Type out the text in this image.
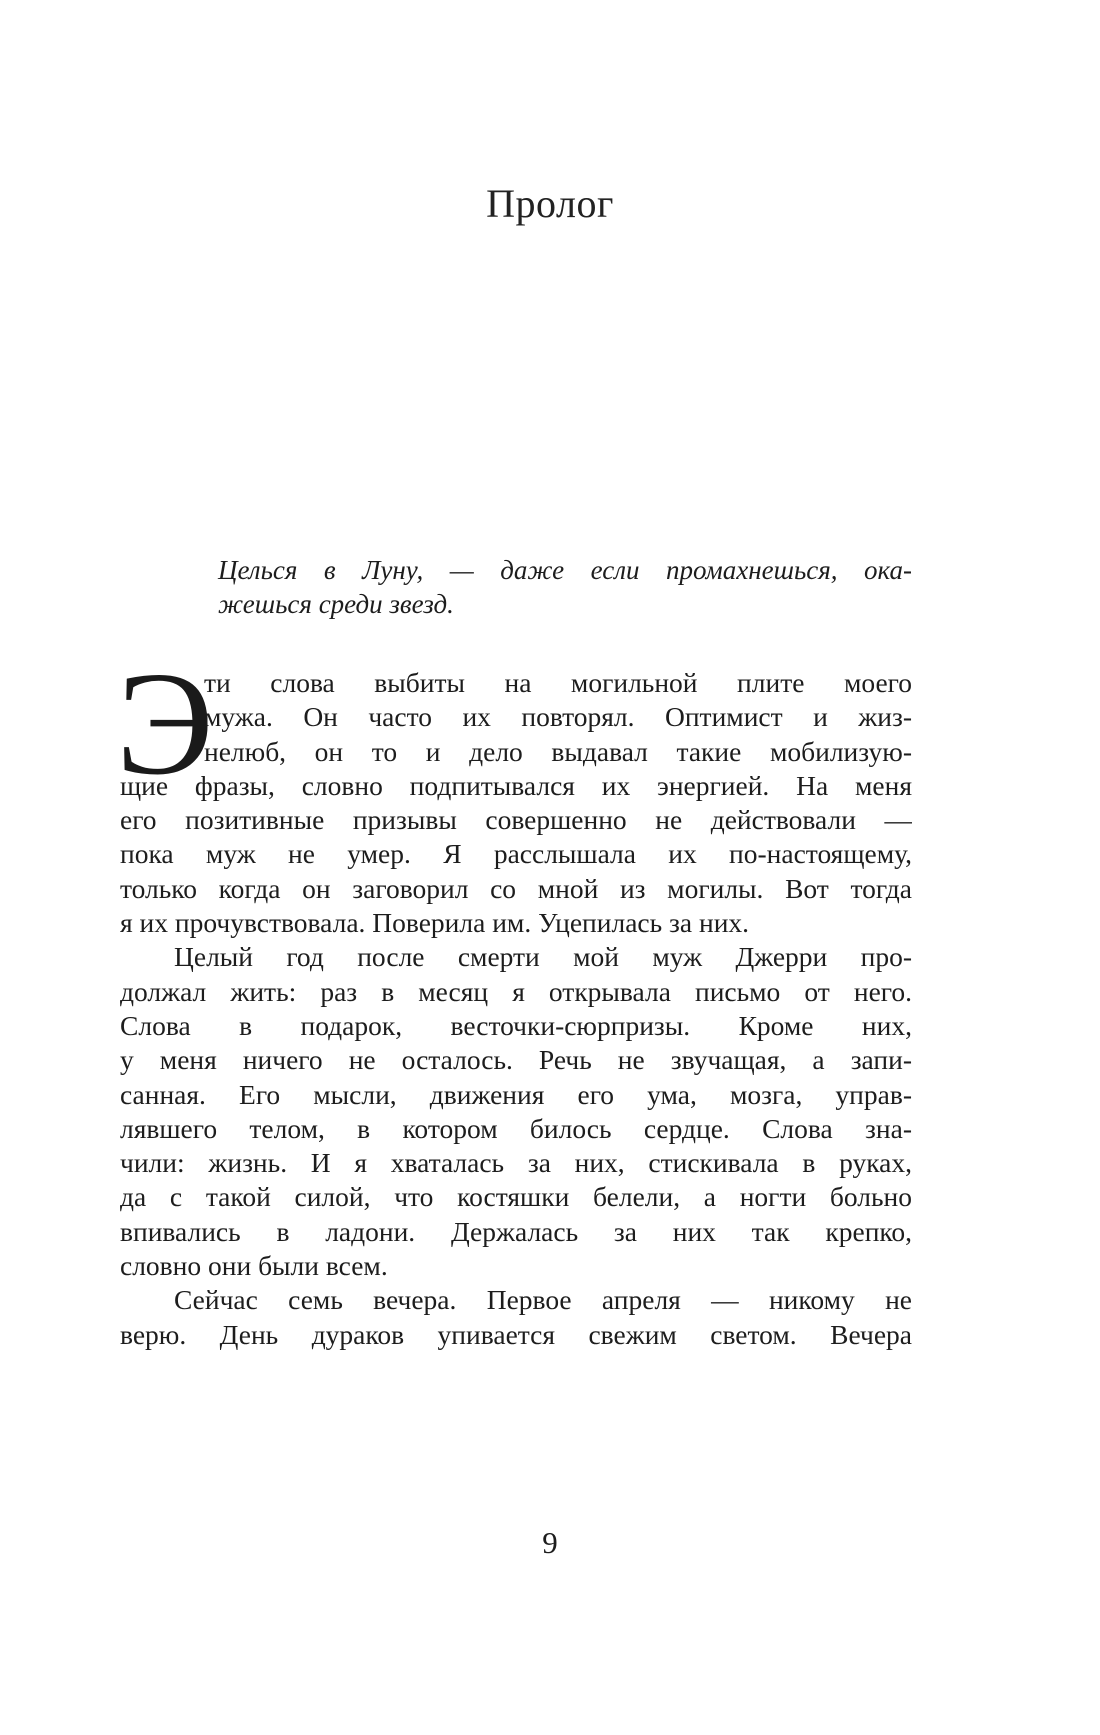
Пролог
Целься в Луну, — даже если промахнешься, ока-
жешься среди звезд.
Э
ти слова выбиты на могильной плите моего
мужа. Он часто их повторял. Оптимист и жиз-
нелюб, он то и дело выдавал такие мобилизую-
щие фразы, словно подпитывался их энергией. На меня
его позитивные призывы совершенно не действовали —
пока муж не умер. Я расслышала их по-настоящему,
только когда он заговорил со мной из могилы. Вот тогда
я их прочувствовала. Поверила им. Уцепилась за них.
Целый год после смерти мой муж Джерри про-
должал жить: раз в месяц я открывала письмо от него.
Слова в подарок, весточки-сюрпризы. Кроме них,
у меня ничего не осталось. Речь не звучащая, а запи-
санная. Его мысли, движения его ума, мозга, управ-
лявшего телом, в котором билось сердце. Слова зна-
чили: жизнь. И я хваталась за них, стискивала в руках,
да с такой силой, что костяшки белели, а ногти больно
впивались в ладони. Держалась за них так крепко,
словно они были всем.
Сейчас семь вечера. Первое апреля — никому не
верю. День дураков упивается свежим светом. Вечера
9
